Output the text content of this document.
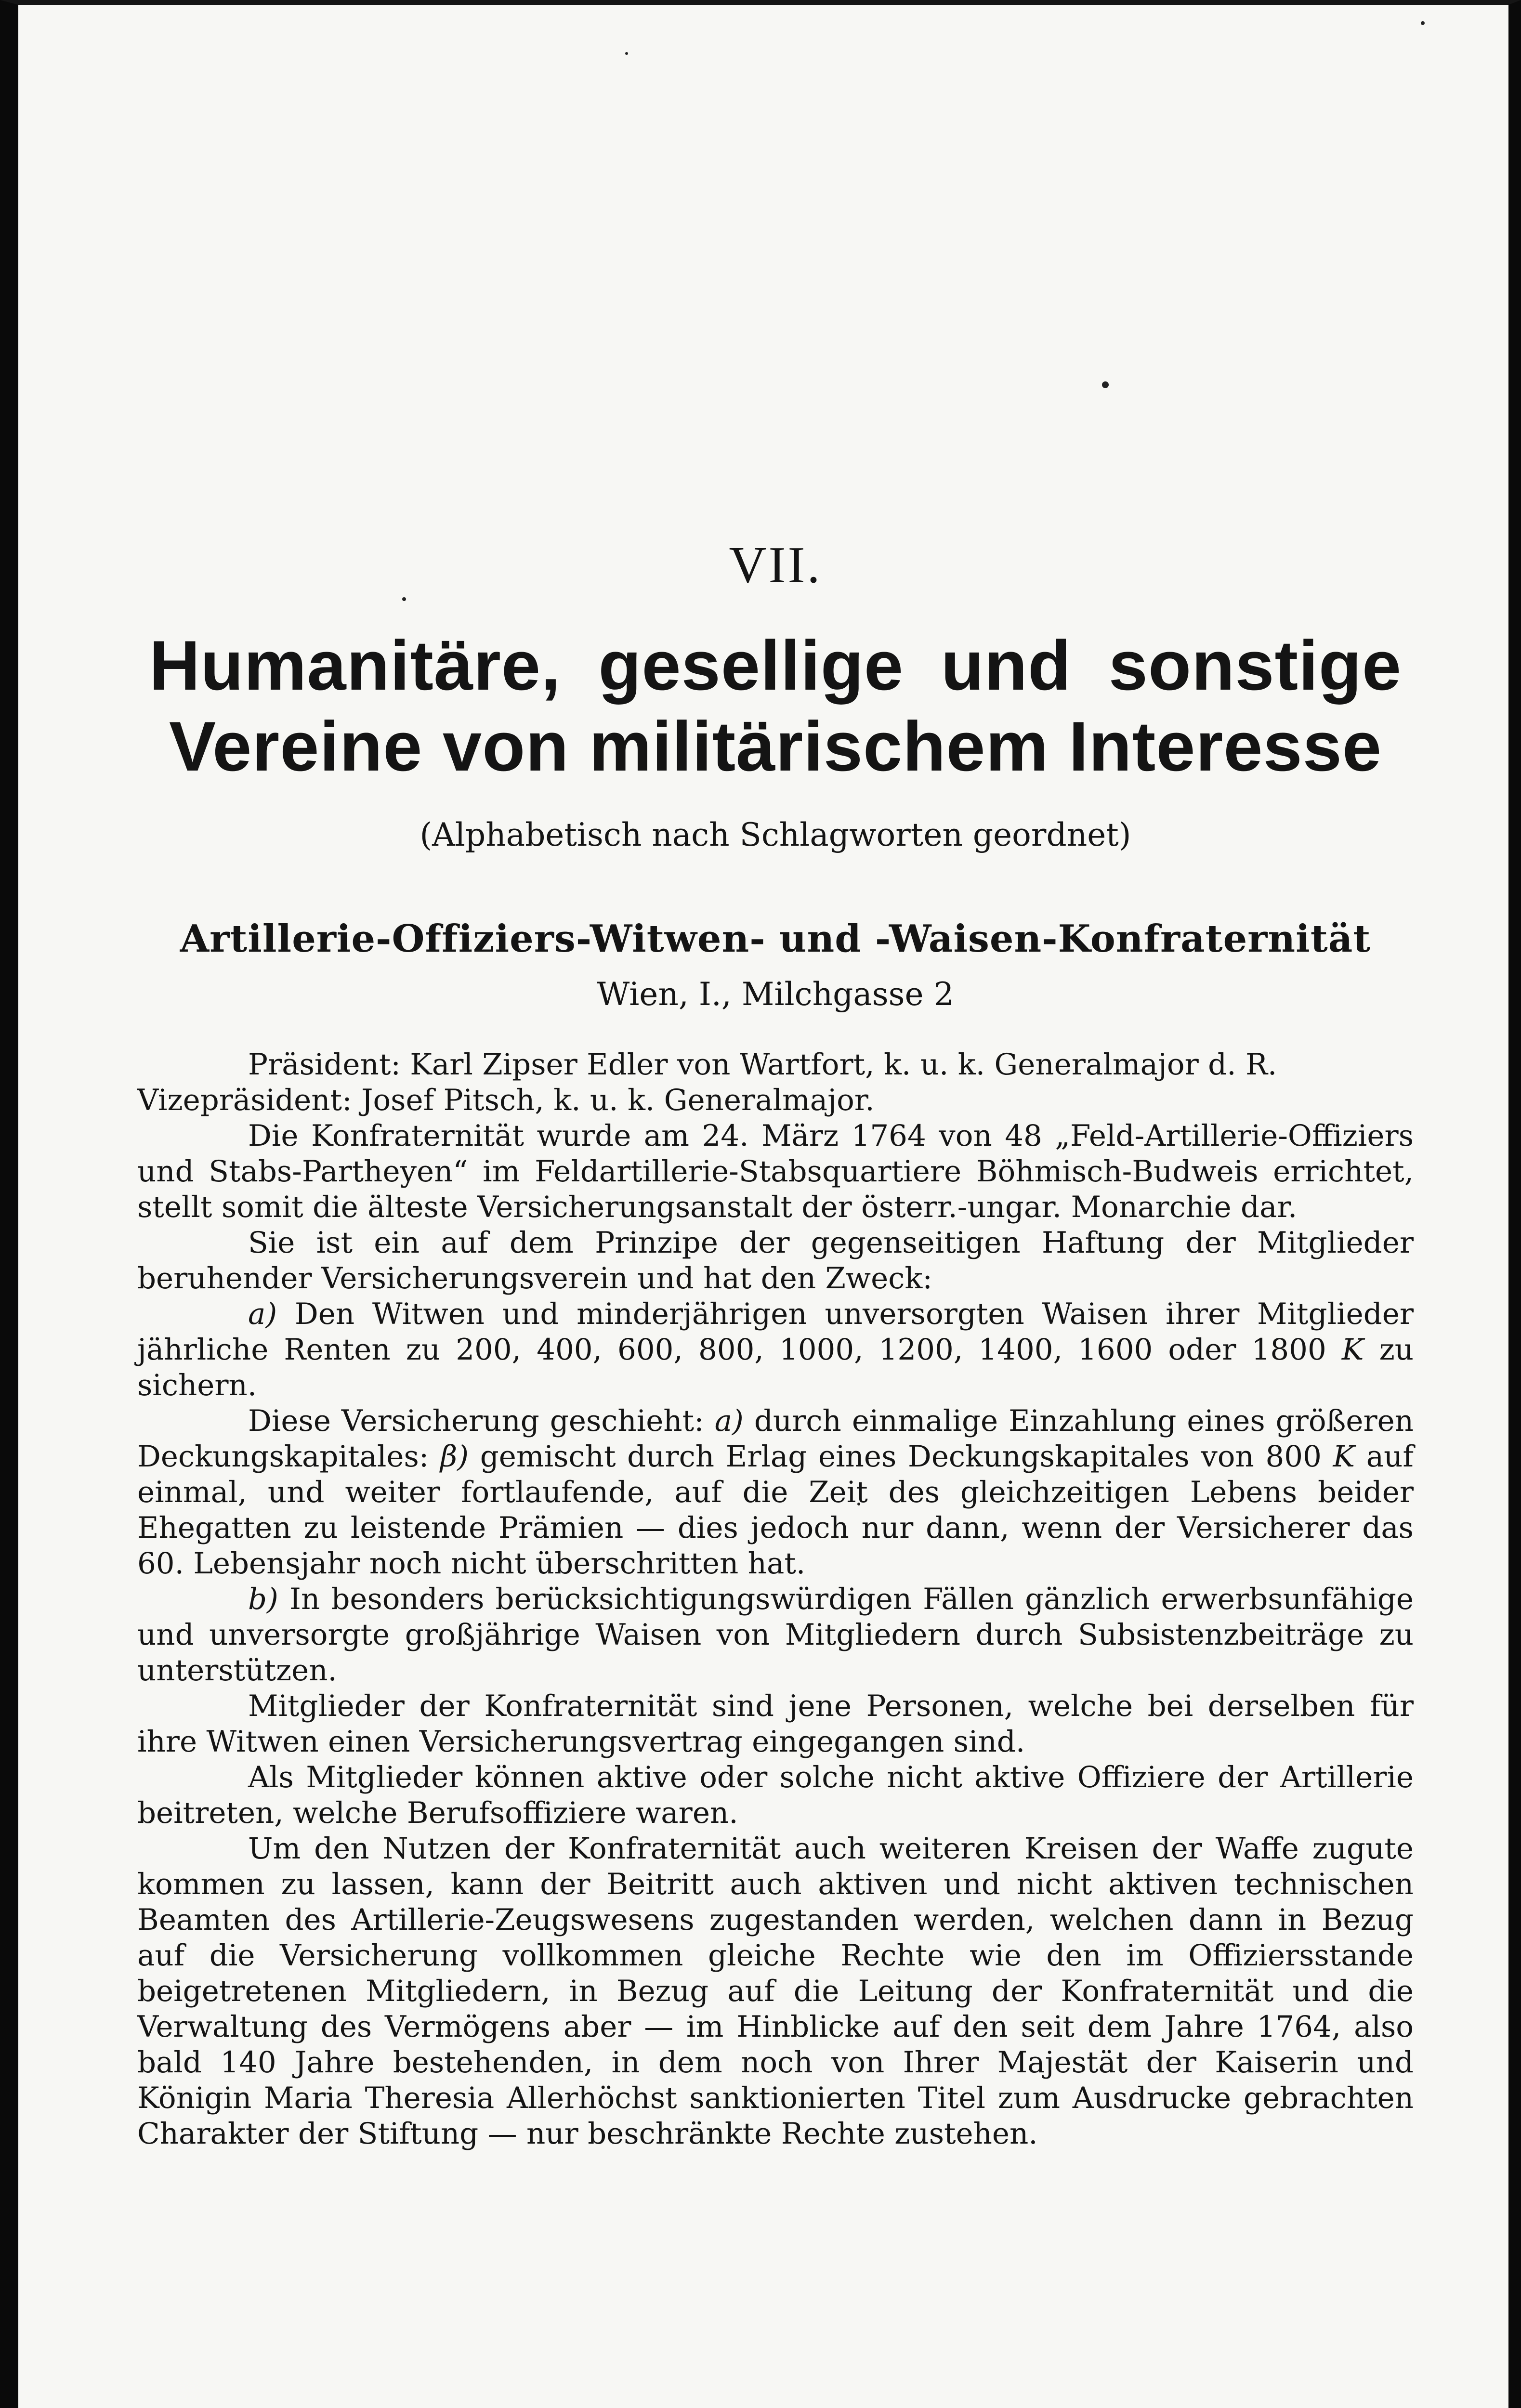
VII.
Humanitäre, gesellige und sonstige
Vereine von militärischem Interesse
(Alphabetisch nach Schlagworten geordnet)
Artillerie-Offiziers-Witwen- und -Waisen-Konfraternität
Wien, I., Milchgasse 2

Präsident: Karl Zipser Edler von Wartfort, k. u. k. Generalmajor d. R.

Vizepräsident: Josef Pitsch, k. u. k. Generalmajor.

Die Konfraternität wurde am 24. März 1764 von 48 „Feld-Artillerie-Offiziers und Stabs-Partheyen“ im Feldartillerie-Stabsquartiere Böhmisch-Budweis errichtet, stellt somit die älteste Versicherungsanstalt der österr.-ungar. Monarchie dar.

Sie ist ein auf dem Prinzipe der gegenseitigen Haftung der Mitglieder beruhender Versicherungsverein und hat den Zweck:

a) Den Witwen und minderjährigen unversorgten Waisen ihrer Mitglieder jährliche Renten zu 200, 400, 600, 800, 1000, 1200, 1400, 1600 oder 1800 K zu sichern.

Diese Versicherung geschieht: a) durch einmalige Einzahlung eines größeren Deckungskapitales: β) gemischt durch Erlag eines Deckungskapitales von 800 K auf einmal, und weiter fortlaufende, auf die Zeit des gleichzeitigen Lebens beider Ehegatten zu leistende Prämien — dies jedoch nur dann, wenn der Versicherer das 60. Lebensjahr noch nicht überschritten hat.

b) In besonders berücksichtigungswürdigen Fällen gänzlich erwerbsunfähige und unversorgte großjährige Waisen von Mitgliedern durch Subsistenzbeiträge zu unterstützen.

Mitglieder der Konfraternität sind jene Personen, welche bei derselben für ihre Witwen einen Versicherungsvertrag eingegangen sind.

Als Mitglieder können aktive oder solche nicht aktive Offiziere der Artillerie beitreten, welche Berufsoffiziere waren.

Um den Nutzen der Konfraternität auch weiteren Kreisen der Waffe zugute kommen zu lassen, kann der Beitritt auch aktiven und nicht aktiven technischen Beamten des Artillerie-Zeugswesens zugestanden werden, welchen dann in Bezug auf die Versicherung vollkommen gleiche Rechte wie den im Offiziersstande beigetretenen Mitgliedern, in Bezug auf die Leitung der Konfraternität und die Verwaltung des Vermögens aber — im Hinblicke auf den seit dem Jahre 1764, also bald 140 Jahre bestehenden, in dem noch von Ihrer Majestät der Kaiserin und Königin Maria Theresia Allerhöchst sanktionierten Titel zum Ausdrucke gebrachten Charakter der Stiftung — nur beschränkte Rechte zustehen.
